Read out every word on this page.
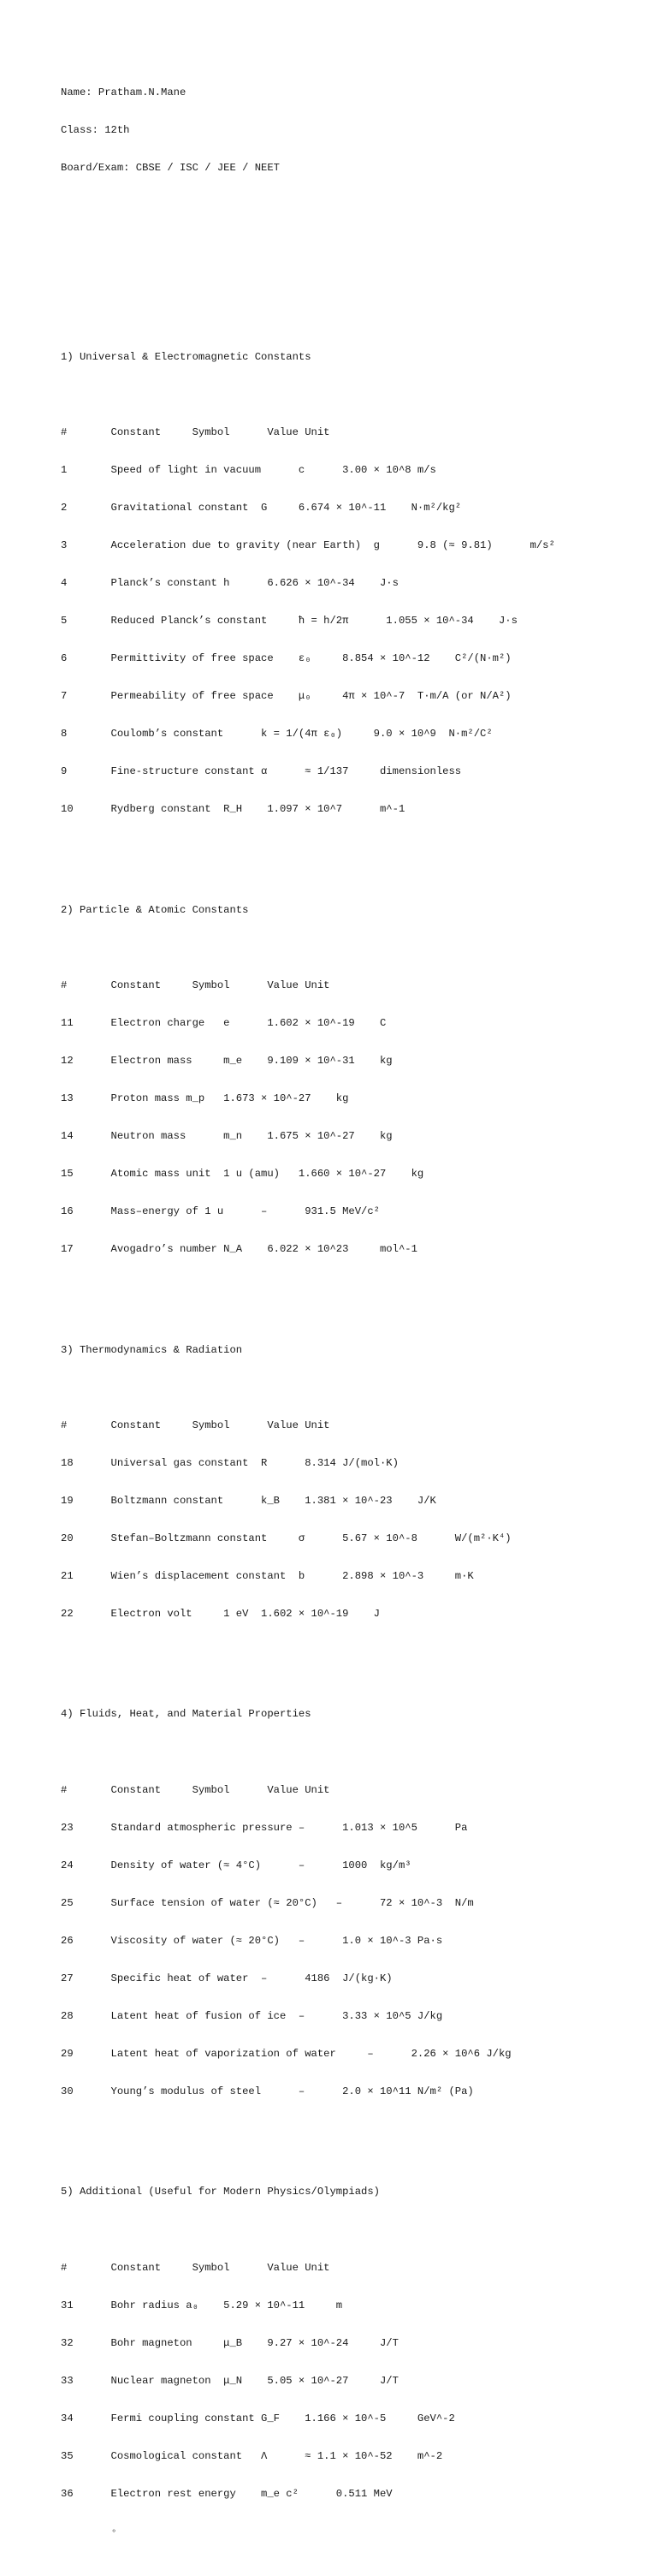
Name: Pratham.N.Mane

Class: 12th

Board/Exam: CBSE / ISC / JEE / NEET

1) Universal & Electromagnetic Constants

#       Constant     Symbol      Value Unit

1       Speed of light in vacuum      c      3.00 × 10^8 m/s

2       Gravitational constant  G     6.674 × 10^-11    N·m²/kg²

3       Acceleration due to gravity (near Earth)  g      9.8 (≈ 9.81)      m/s²

4       Planck’s constant h      6.626 × 10^-34    J·s

5       Reduced Planck’s constant     ħ = h/2π      1.055 × 10^-34    J·s

6       Permittivity of free space    ε₀     8.854 × 10^-12    C²/(N·m²)

7       Permeability of free space    μ₀     4π × 10^-7  T·m/A (or N/A²)

8       Coulomb’s constant      k = 1/(4π ε₀)     9.0 × 10^9  N·m²/C²

9       Fine-structure constant α      ≈ 1/137     dimensionless

10      Rydberg constant  R_H    1.097 × 10^7      m^-1

2) Particle & Atomic Constants

#       Constant     Symbol      Value Unit

11      Electron charge   e      1.602 × 10^-19    C

12      Electron mass     m_e    9.109 × 10^-31    kg

13      Proton mass m_p   1.673 × 10^-27    kg

14      Neutron mass      m_n    1.675 × 10^-27    kg

15      Atomic mass unit  1 u (amu)   1.660 × 10^-27    kg

16      Mass–energy of 1 u      –      931.5 MeV/c²

17      Avogadro’s number N_A    6.022 × 10^23     mol^-1

3) Thermodynamics & Radiation

#       Constant     Symbol      Value Unit

18      Universal gas constant  R      8.314 J/(mol·K)

19      Boltzmann constant      k_B    1.381 × 10^-23    J/K

20      Stefan–Boltzmann constant     σ      5.67 × 10^-8      W/(m²·K⁴)

21      Wien’s displacement constant  b      2.898 × 10^-3     m·K

22      Electron volt     1 eV  1.602 × 10^-19    J

4) Fluids, Heat, and Material Properties

#       Constant     Symbol      Value Unit

23      Standard atmospheric pressure –      1.013 × 10^5      Pa

24      Density of water (≈ 4°C)      –      1000  kg/m³

25      Surface tension of water (≈ 20°C)   –      72 × 10^-3  N/m

26      Viscosity of water (≈ 20°C)   –      1.0 × 10^-3 Pa·s

27      Specific heat of water  –      4186  J/(kg·K)

28      Latent heat of fusion of ice  –      3.33 × 10^5 J/kg

29      Latent heat of vaporization of water     –      2.26 × 10^6 J/kg

30      Young’s modulus of steel      –      2.0 × 10^11 N/m² (Pa)

5) Additional (Useful for Modern Physics/Olympiads)

#       Constant     Symbol      Value Unit

31      Bohr radius a₀    5.29 × 10^-11     m

32      Bohr magneton     μ_B    9.27 × 10^-24     J/T

33      Nuclear magneton  μ_N    5.05 × 10^-27     J/T

34      Fermi coupling constant G_F    1.166 × 10^-5     GeV^-2

35      Cosmological constant   Λ      ≈ 1.1 × 10^-52    m^-2

36      Electron rest energy    m_e c²      0.511 MeV

◦
